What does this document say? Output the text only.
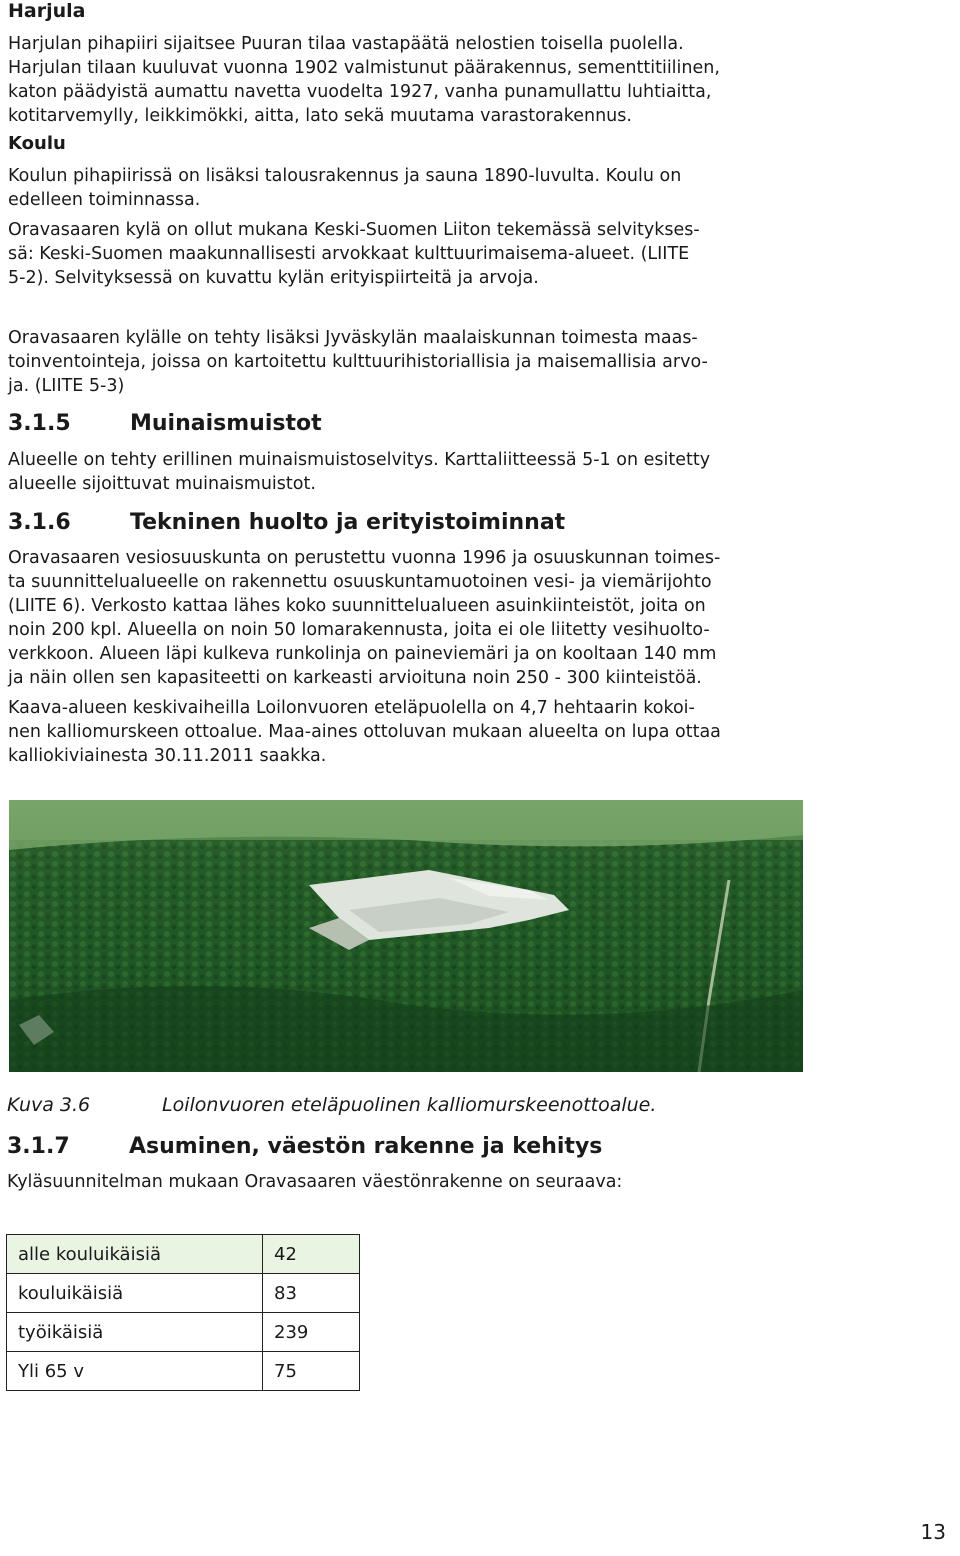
Harjula
Harjulan pihapiiri sijaitsee Puuran tilaa vastapäätä nelostien toisella puolella.
Harjulan tilaan kuuluvat vuonna 1902 valmistunut päärakennus, sementtitiilinen,
katon päädyistä aumattu navetta vuodelta 1927, vanha punamullattu luhtiaitta,
kotitarvemylly, leikkimökki, aitta, lato sekä muutama varastorakennus.
Koulu
Koulun pihapiirissä on lisäksi talousrakennus ja sauna 1890-luvulta. Koulu on
edelleen toiminnassa.
Oravasaaren kylä on ollut mukana Keski-Suomen Liiton tekemässä selvitykses-
sä: Keski-Suomen maakunnallisesti arvokkaat kulttuurimaisema-alueet. (LIITE
5-2). Selvityksessä on kuvattu kylän erityispiirteitä ja arvoja.
Oravasaaren kylälle on tehty lisäksi Jyväskylän maalaiskunnan toimesta maas-
toinventointeja, joissa on kartoitettu kulttuurihistoriallisia ja maisemallisia arvo-
ja. (LIITE 5-3)
3.1.5	Muinaismuistot
Alueelle on tehty erillinen muinaismuistoselvitys. Karttaliitteessä 5-1 on esitetty
alueelle sijoittuvat muinaismuistot.
3.1.6	Tekninen huolto ja erityistoiminnat
Oravasaaren vesiosuuskunta on perustettu vuonna 1996 ja osuuskunnan toimes-
ta suunnittelualueelle on rakennettu osuuskuntamuotoinen vesi- ja viemärijohto
(LIITE 6). Verkosto kattaa lähes koko suunnittelualueen asuinkiinteistöt, joita on
noin 200 kpl. Alueella on noin 50 lomarakennusta, joita ei ole liitetty vesihuolto-
verkkoon. Alueen läpi kulkeva runkolinja on paineviemäri ja on kooltaan 140 mm
ja näin ollen sen kapasiteetti on karkeasti arvioituna noin 250 - 300 kiinteistöä.
Kaava-alueen keskivaiheilla Loilonvuoren eteläpuolella on 4,7 hehtaarin kokoi-
nen kalliomurskeen ottoalue. Maa-aines ottoluvan mukaan alueelta on lupa ottaa
kalliokiviainesta 30.11.2011 saakka.
Kuva 3.6	Loilonvuoren eteläpuolinen kalliomurskeenottoalue.
3.1.7	Asuminen, väestön rakenne ja kehitys
Kyläsuunnitelman mukaan Oravasaaren väestönrakenne on seuraava:
alle kouluikäisiä	42
kouluikäisiä	83
työikäisiä	239
Yli 65 v	75
13
